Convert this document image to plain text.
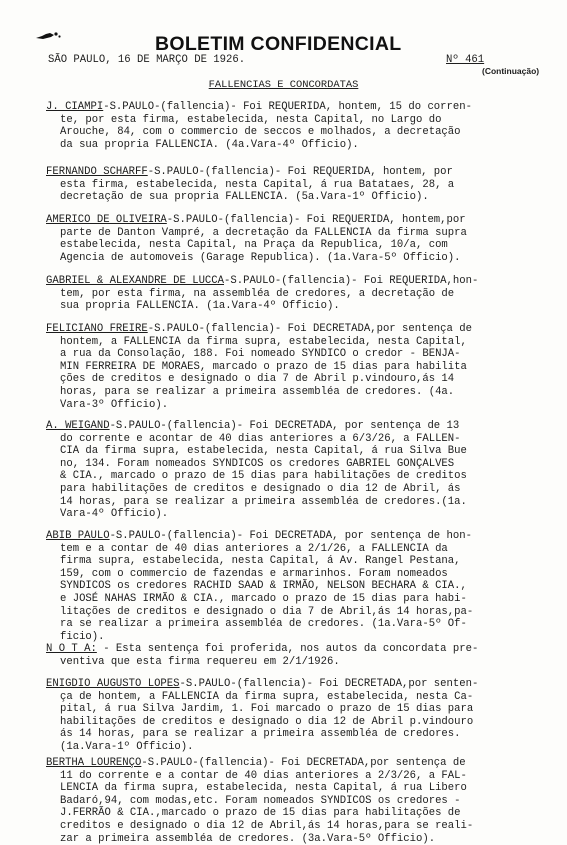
BOLETIM CONFIDENCIAL
SÃO PAULO, 16 DE MARÇO DE 1926.	Nº 461
(Continuação)
FALLENCIAS E CONCORDATAS
J. CIAMPI-S.PAULO-(fallencia)- Foi REQUERIDA, hontem, 15 do corren-
te, por esta firma, estabelecida, nesta Capital, no Largo do
Arouche, 84, com o commercio de seccos e molhados, a decretação
da sua propria FALLENCIA. (4a.Vara-4º Officio).
FERNANDO SCHARFF-S.PAULO-(fallencia)- Foi REQUERIDA, hontem, por
esta firma, estabelecida, nesta Capital, á rua Batataes, 28, a
decretação de sua propria FALLENCIA. (5a.Vara-1º Officio).
AMERICO DE OLIVEIRA-S.PAULO-(fallencia)- Foi REQUERIDA, hontem,por
parte de Danton Vampré, a decretação da FALLENCIA da firma supra
estabelecida, nesta Capital, na Praça da Republica, 10/a, com
Agencia de automoveis (Garage Republica). (1a.Vara-5º Officio).
GABRIEL & ALEXANDRE DE LUCCA-S.PAULO-(fallencia)- Foi REQUERIDA,hon-
tem, por esta firma, na assembléa de credores, a decretação de
sua propria FALLENCIA. (1a.Vara-4º Officio).
FELICIANO FREIRE-S.PAULO-(fallencia)- Foi DECRETADA,por sentença de
hontem, a FALLENCIA da firma supra, estabelecida, nesta Capital,
a rua da Consolação, 188. Foi nomeado SYNDICO o credor - BENJA-
MIN FERREIRA DE MORAES, marcado o prazo de 15 dias para habilita
ções de creditos e designado o dia 7 de Abril p.vindouro,ás 14
horas, para se realizar a primeira assembléa de credores. (4a.
Vara-3º Officio).
A. WEIGAND-S.PAULO-(fallencia)- Foi DECRETADA, por sentença de 13
do corrente e acontar de 40 dias anteriores a 6/3/26, a FALLEN-
CIA da firma supra, estabelecida, nesta Capital, á rua Silva Bue
no, 134. Foram nomeados SYNDICOS os credores GABRIEL GONÇALVES
& CIA., marcado o prazo de 15 dias para habilitações de creditos
para habilitações de creditos e designado o dia 12 de Abril, ás
14 horas, para se realizar a primeira assembléa de credores.(1a.
Vara-4º Officio).
ABIB PAULO-S.PAULO-(fallencia)- Foi DECRETADA, por sentença de hon-
tem e a contar de 40 dias anteriores a 2/1/26, a FALLENCIA da
firma supra, estabelecida, nesta Capital, á Av. Rangel Pestana,
159, com o commercio de fazendas e armarinhos. Foram nomeados
SYNDICOS os credores RACHID SAAD & IRMÃO, NELSON BECHARA & CIA.,
e JOSÉ NAHAS IRMÃO & CIA., marcado o prazo de 15 dias para habi-
litações de creditos e designado o dia 7 de Abril,ás 14 horas,pa-
ra se realizar a primeira assembléa de credores. (1a.Vara-5º Of-
ficio).
N O T A: - Esta sentença foi proferida, nos autos da concordata pre-
ventiva que esta firma requereu em 2/1/1926.
ENIGDIO AUGUSTO LOPES-S.PAULO-(fallencia)- Foi DECRETADA,por senten-
ça de hontem, a FALLENCIA da firma supra, estabelecida, nesta Ca-
pital, á rua Silva Jardim, 1. Foi marcado o prazo de 15 dias para
habilitações de creditos e designado o dia 12 de Abril p.vindouro
ás 14 horas, para se realizar a primeira assembléa de credores.
(1a.Vara-1º Officio).
BERTHA LOURENÇO-S.PAULO-(fallencia)- Foi DECRETADA,por sentença de
11 do corrente e a contar de 40 dias anteriores a 2/3/26, a FAL-
LENCIA da firma supra, estabelecida, nesta Capital, á rua Libero
Badaró,94, com modas,etc. Foram nomeados SYNDICOS os credores -
J.FERRÃO & CIA.,marcado o prazo de 15 dias para habilitações de
creditos e designado o dia 12 de Abril,ás 14 horas,para se reali-
zar a primeira assembléa de credores. (3a.Vara-5º Officio).
